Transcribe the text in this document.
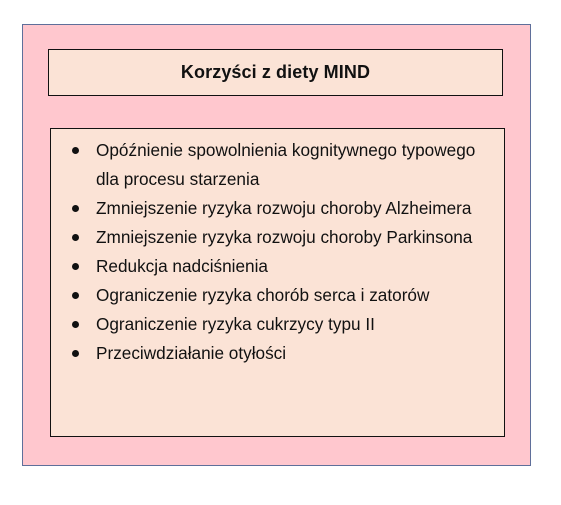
Korzyści z diety MIND
Opóźnienie spowolnienia kognitywnego typowego dla procesu starzenia
Zmniejszenie ryzyka rozwoju choroby Alzheimera
Zmniejszenie ryzyka rozwoju choroby Parkinsona
Redukcja nadciśnienia
Ograniczenie ryzyka chorób serca i zatorów
Ograniczenie ryzyka cukrzycy typu II
Przeciwdziałanie otyłości
